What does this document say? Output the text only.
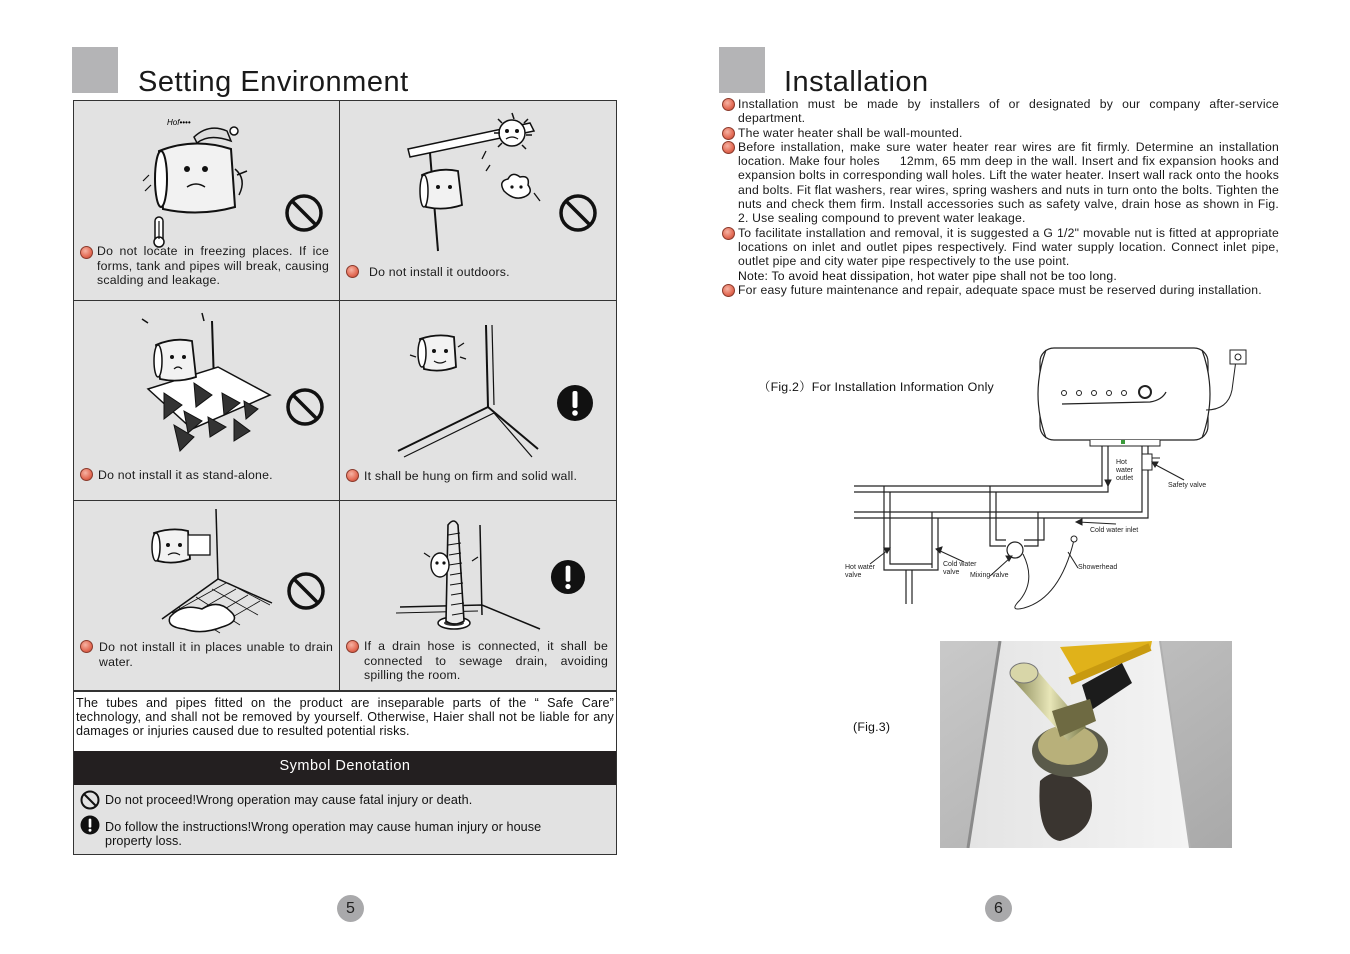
Setting Environment
Hof••••
Do not locate in freezing places. If ice forms, tank and pipes will break, causing scalding and leakage.
Do not install it outdoors.
Do not install it as stand-alone.	It shall be hung on firm and solid wall.
Do not install it in places unable to drain water.
If a drain hose is connected, it shall be connected to sewage drain, avoiding spilling the room.
The tubes and pipes fitted on the product are inseparable parts of the “ Safe Care” technology, and shall not be removed by yourself. Otherwise, Haier shall not be liable for any damages or injuries caused due to resulted potential risks.
Symbol Denotation
Do not proceed!Wrong operation may cause fatal injury or death.
Do follow the instructions!Wrong operation may cause human injury or house property loss.
5
Installation
Installation must be made by installers of or designated by our company after-service department.
The water heater shall be wall-mounted.
Before installation, make sure water heater rear wires are fit firmly. Determine an installation location. Make four holes     12mm, 65 mm deep in the wall. Insert and fix expansion hooks and expansion bolts in corresponding wall holes. Lift the water heater. Insert wall rack onto the hooks and bolts. Fit flat washers, rear wires, spring washers and nuts in turn onto the bolts. Tighten the nuts and check them firm. Install accessories such as safety valve, drain hose as shown in Fig. 2. Use sealing compound to prevent water leakage.
To facilitate installation and removal, it is suggested a G 1/2" movable nut is fitted at appropriate locations on inlet and outlet pipes respectively. Find water supply location. Connect inlet pipe, outlet pipe and city water pipe respectively to the use point.
Note: To avoid heat dissipation, hot water pipe shall not be too long.
For easy future maintenance and repair, adequate space must be reserved during installation.
（Fig.2）For Installation Information Only
Hot
water
outlet
Safety valve
Cold water inlet
Hot water
valve
Cold water
valve Mixing valve
Showerhead
(Fig.3)
6
